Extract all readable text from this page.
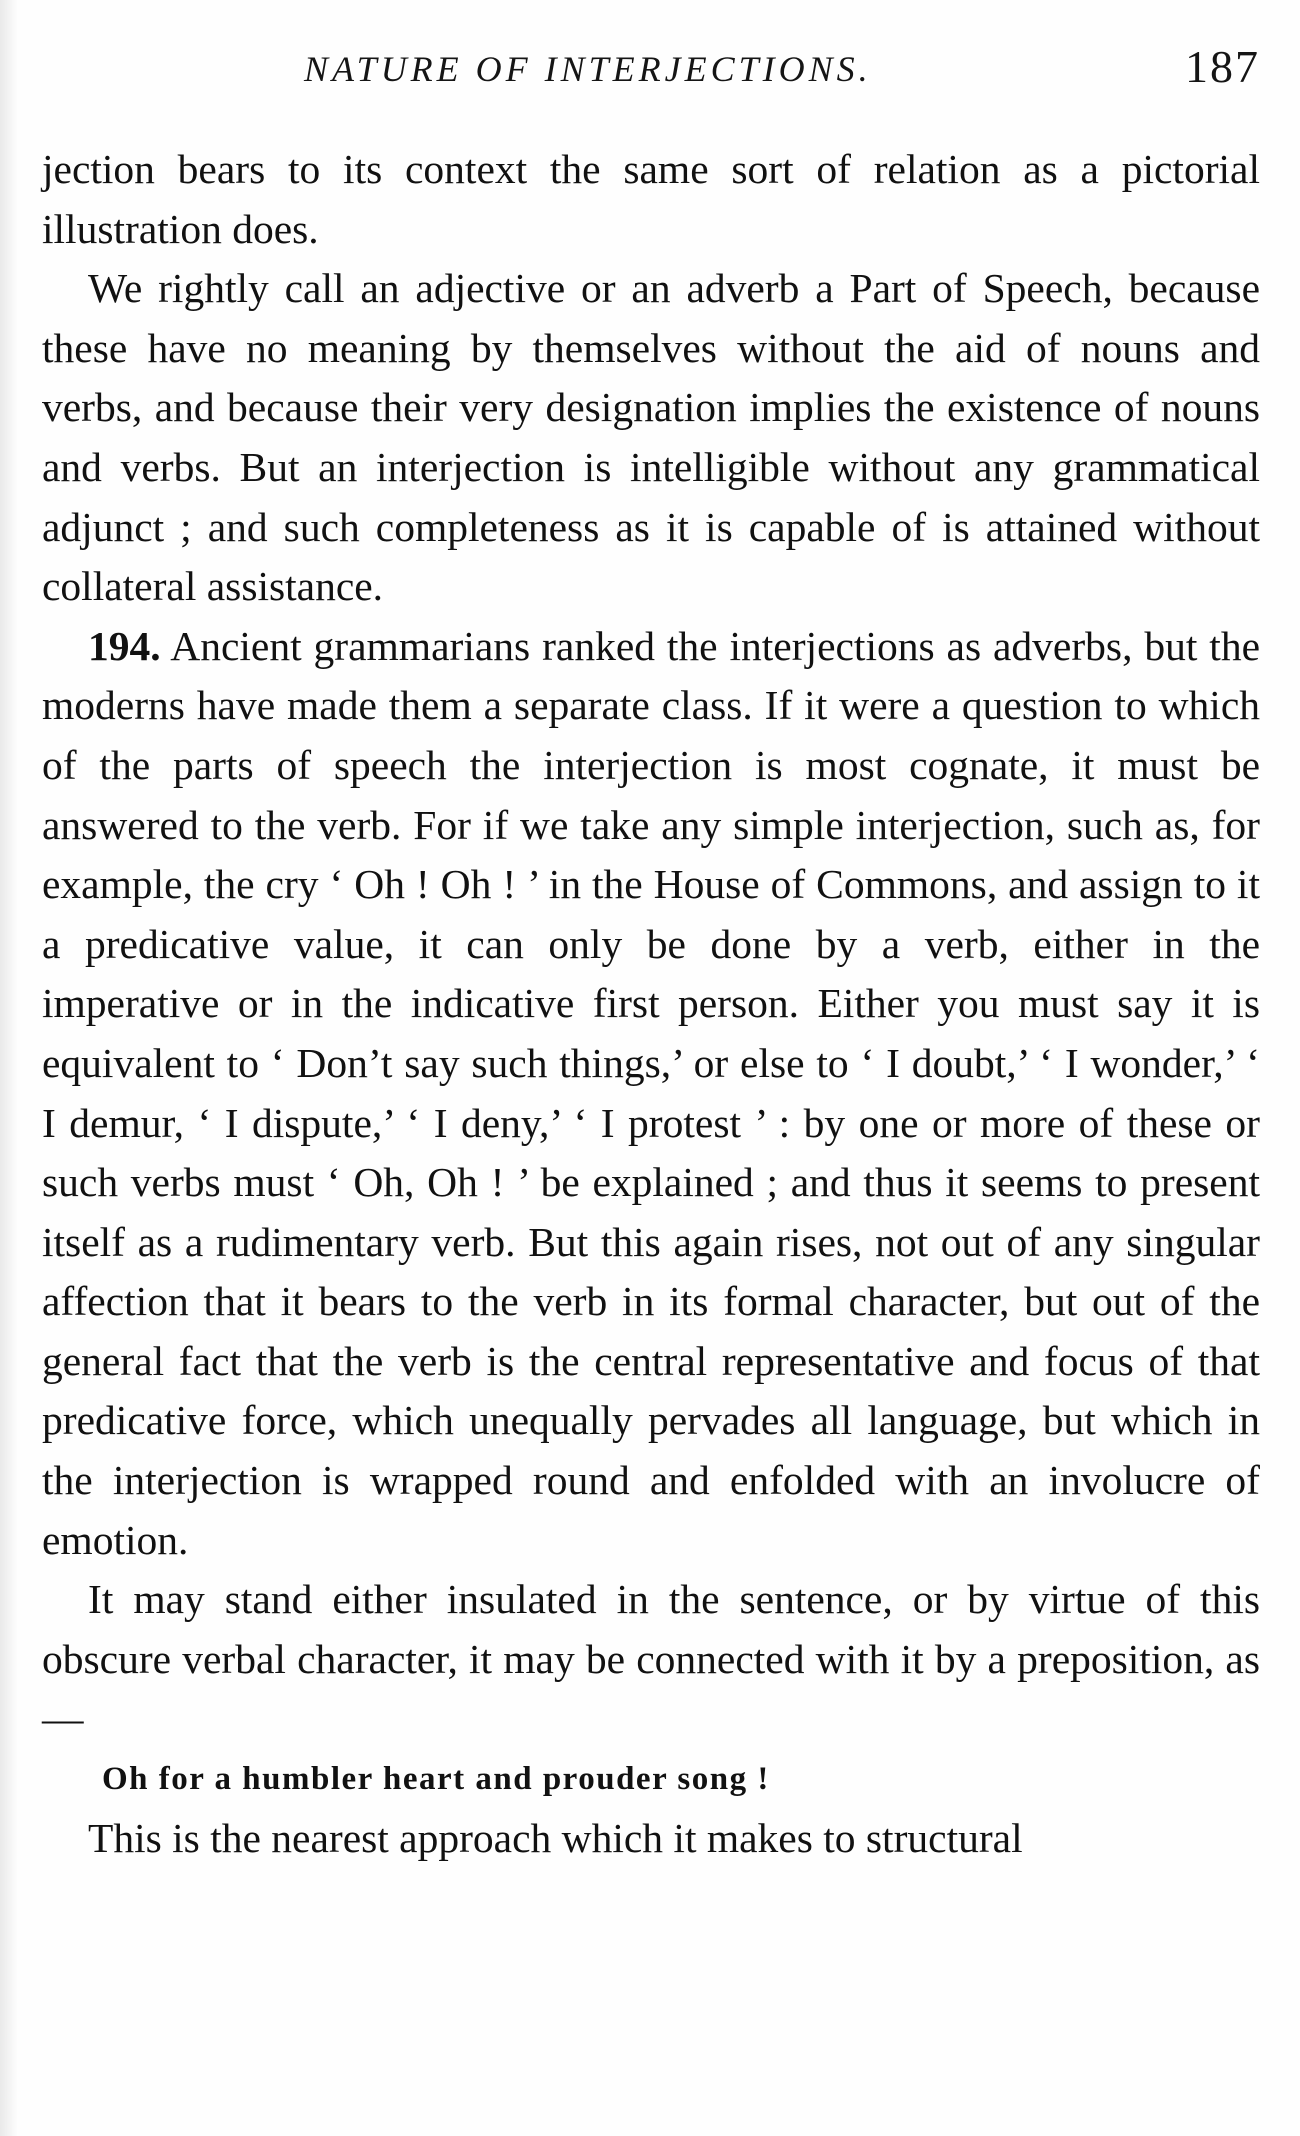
NATURE OF INTERJECTIONS.	187

jection bears to its context the same sort of relation as a pictorial illustration does.

We rightly call an adjective or an adverb a Part of Speech, because these have no meaning by themselves without the aid of nouns and verbs, and because their very designation implies the existence of nouns and verbs. But an interjection is intelligible without any grammatical adjunct ; and such completeness as it is capable of is attained without collateral assistance.

194. Ancient grammarians ranked the interjections as adverbs, but the moderns have made them a separate class. If it were a question to which of the parts of speech the interjection is most cognate, it must be answered to the verb. For if we take any simple interjection, such as, for example, the cry ‘ Oh ! Oh ! ’ in the House of Commons, and assign to it a predicative value, it can only be done by a verb, either in the imperative or in the indicative first person. Either you must say it is equivalent to ‘ Don’t say such things,’ or else to ‘ I doubt,’ ‘ I wonder,’ ‘ I demur, ‘ I dispute,’ ‘ I deny,’ ‘ I protest ’ : by one or more of these or such verbs must ‘ Oh, Oh ! ’ be explained ; and thus it seems to present itself as a rudimentary verb. But this again rises, not out of any singular affection that it bears to the verb in its formal character, but out of the general fact that the verb is the central representative and focus of that predicative force, which unequally pervades all language, but which in the interjection is wrapped round and enfolded with an involucre of emotion.

It may stand either insulated in the sentence, or by virtue of this obscure verbal character, it may be connected with it by a preposition, as—

Oh for a humbler heart and prouder song !

This is the nearest approach which it makes to structural
